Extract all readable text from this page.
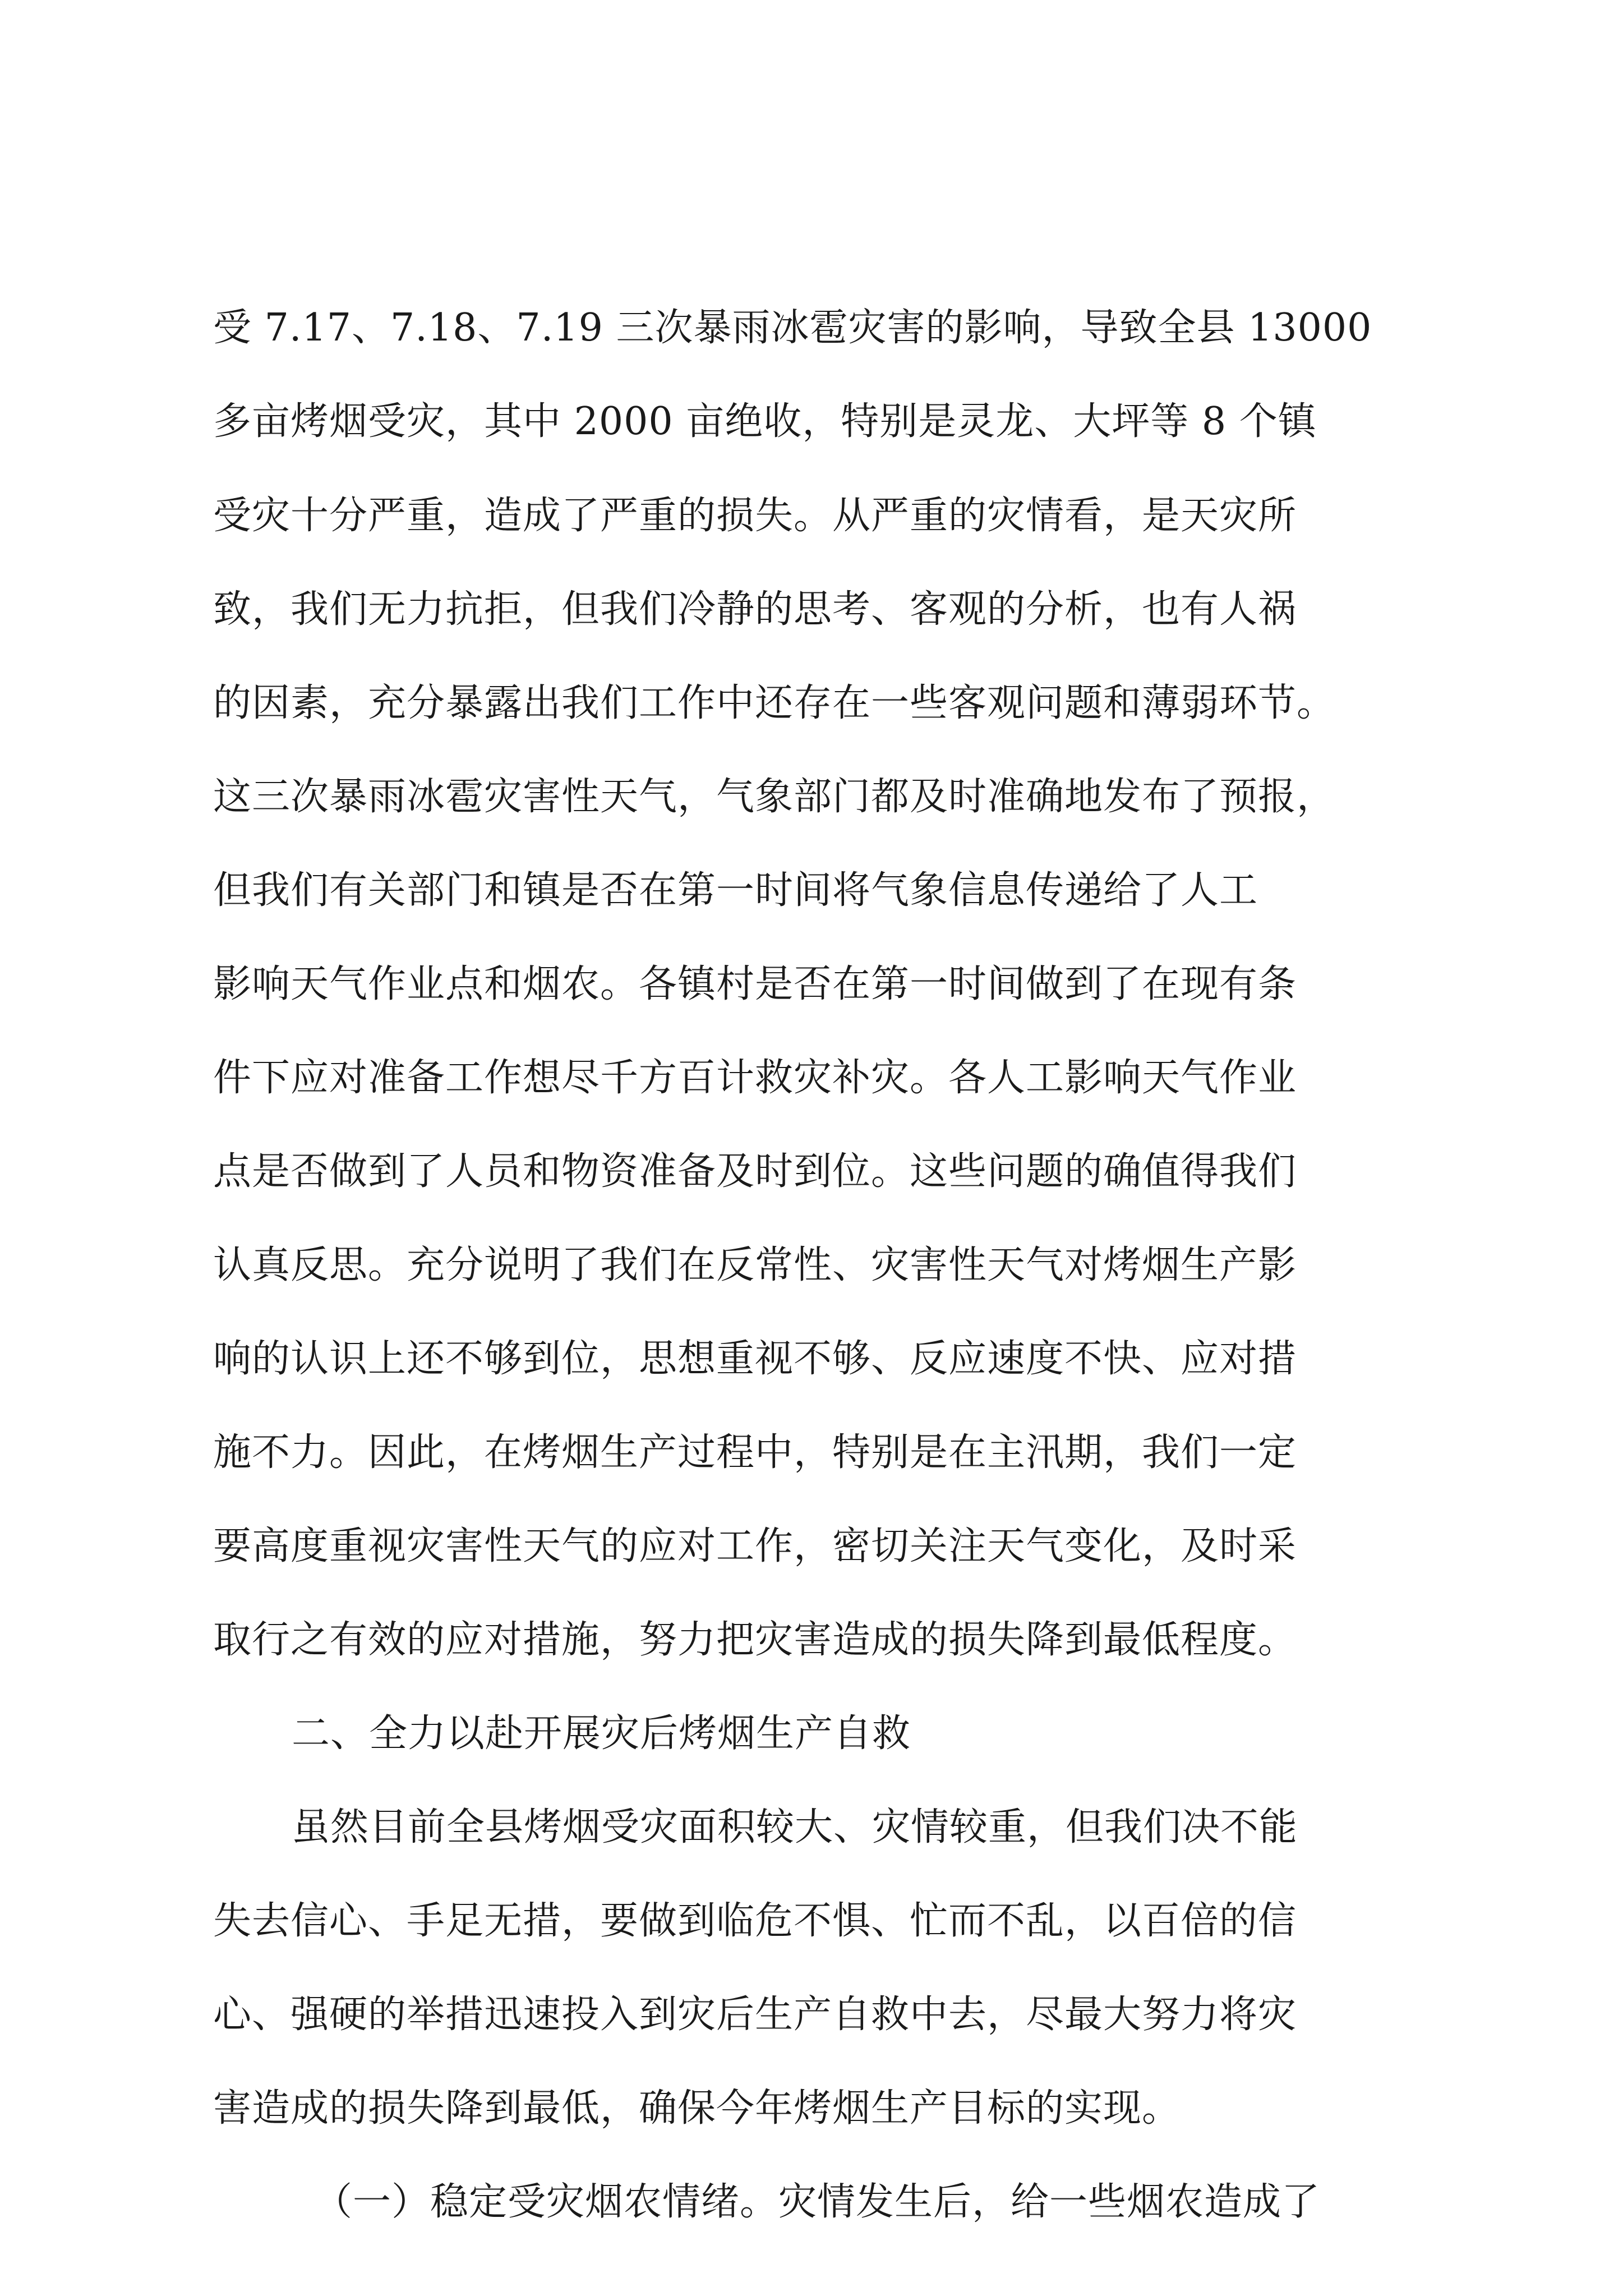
受 7.17、7.18、7.19 三次暴雨冰雹灾害的影响，导致全县 13000
多亩烤烟受灾，其中 2000 亩绝收，特别是灵龙、大坪等 8 个镇
受灾十分严重，造成了严重的损失。从严重的灾情看，是天灾所
致，我们无力抗拒，但我们冷静的思考、客观的分析，也有人祸
的因素，充分暴露出我们工作中还存在一些客观问题和薄弱环节。
这三次暴雨冰雹灾害性天气，气象部门都及时准确地发布了预报，
但我们有关部门和镇是否在第一时间将气象信息传递给了人工
影响天气作业点和烟农。各镇村是否在第一时间做到了在现有条
件下应对准备工作想尽千方百计救灾补灾。各人工影响天气作业
点是否做到了人员和物资准备及时到位。这些问题的确值得我们
认真反思。充分说明了我们在反常性、灾害性天气对烤烟生产影
响的认识上还不够到位，思想重视不够、反应速度不快、应对措
施不力。因此，在烤烟生产过程中，特别是在主汛期，我们一定
要高度重视灾害性天气的应对工作，密切关注天气变化，及时采
取行之有效的应对措施，努力把灾害造成的损失降到最低程度。
二、全力以赴开展灾后烤烟生产自救
虽然目前全县烤烟受灾面积较大、灾情较重，但我们决不能
失去信心、手足无措，要做到临危不惧、忙而不乱，以百倍的信
心、强硬的举措迅速投入到灾后生产自救中去，尽最大努力将灾
害造成的损失降到最低，确保今年烤烟生产目标的实现。
（一）稳定受灾烟农情绪。灾情发生后，给一些烟农造成了
